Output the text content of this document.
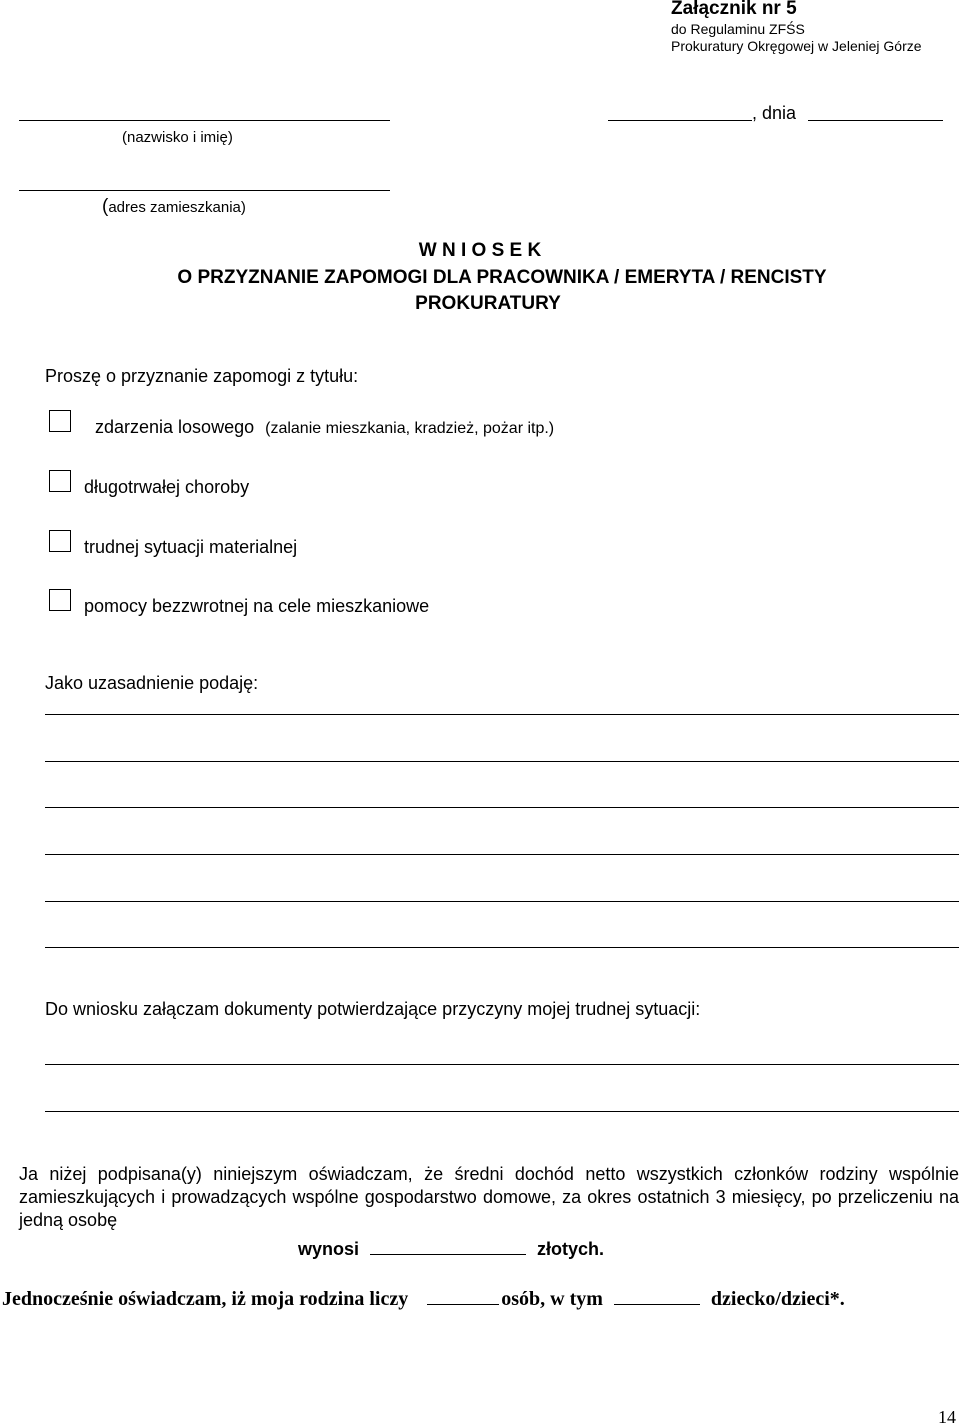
Załącznik nr 5
do Regulaminu ZFŚS
Prokuratury Okręgowej w Jeleniej Górze
(nazwisko i imię)
, dnia
(adres zamieszkania)
W N I O S E K
O PRZYZNANIE ZAPOMOGI DLA PRACOWNIKA / EMERYTA / RENCISTY
PROKURATURY
Proszę o przyznanie zapomogi z tytułu:
zdarzenia losowego (zalanie mieszkania, kradzież, pożar itp.)
długotrwałej choroby
trudnej sytuacji materialnej
pomocy bezzwrotnej na cele mieszkaniowe
Jako uzasadnienie podaję:
Do wniosku załączam dokumenty potwierdzające przyczyny mojej trudnej sytuacji:
Ja niżej podpisana(y) niniejszym oświadczam, że średni dochód netto wszystkich członków rodziny wspólnie zamieszkujących i prowadzących wspólne gospodarstwo domowe, za okres ostatnich 3 miesięcy, po przeliczeniu na jedną osobę
wynosi	złotych.
Jednocześnie oświadczam, iż moja rodzina liczy	osób, w tym	dziecko/dzieci*.
14
